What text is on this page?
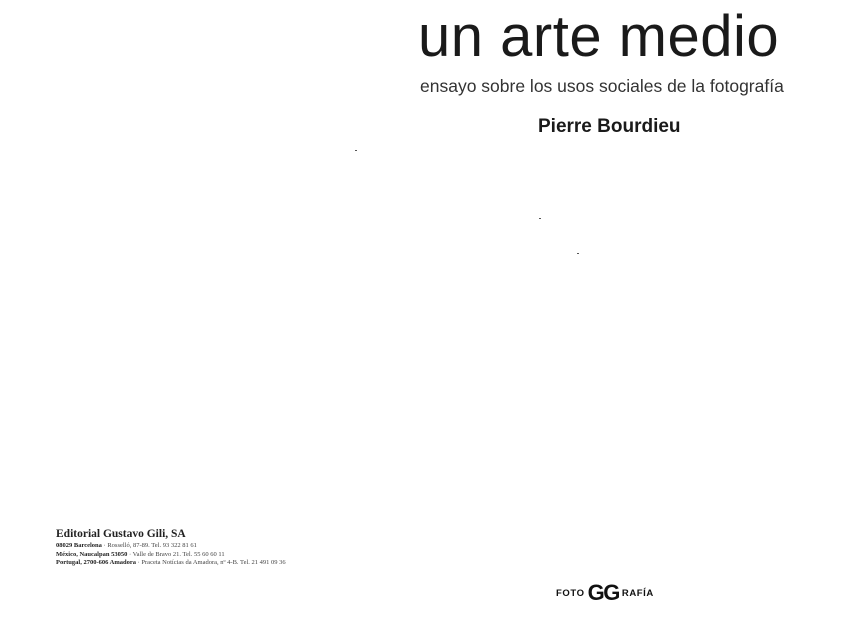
un arte medio
ensayo sobre los usos sociales de la fotografía
Pierre Bourdieu
Editorial Gustavo Gili, SA
08029 Barcelona · Rosselló, 87-89. Tel. 93 322 81 61
México, Naucalpan 53050 · Valle de Bravo 21. Tel. 55 60 60 11
Portugal, 2700-606 Amadora · Praceta Notícias da Amadora, nº 4-B. Tel. 21 491 09 36
FOTO GG RAFÍA
